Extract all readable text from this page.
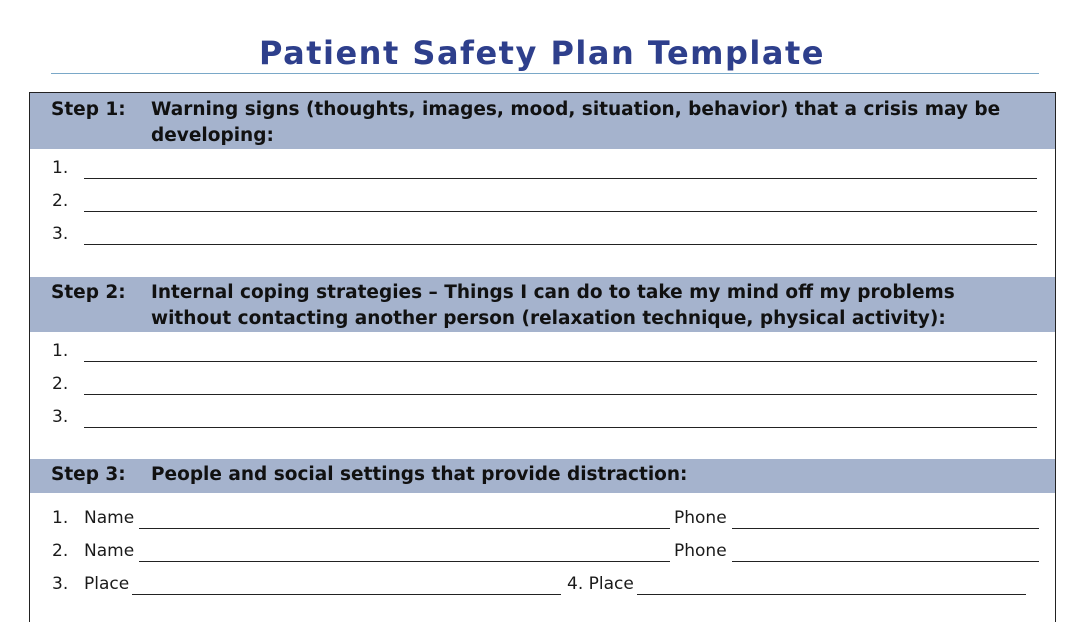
Patient Safety Plan Template
Step 1: Warning signs (thoughts, images, mood, situation, behavior) that a crisis may be developing:
1.
2.
3.
Step 2: Internal coping strategies – Things I can do to take my mind off my problems without contacting another person (relaxation technique, physical activity):
1.
2.
3.
Step 3: People and social settings that provide distraction:
1. Name	Phone
2. Name	Phone
3. Place	4. Place
